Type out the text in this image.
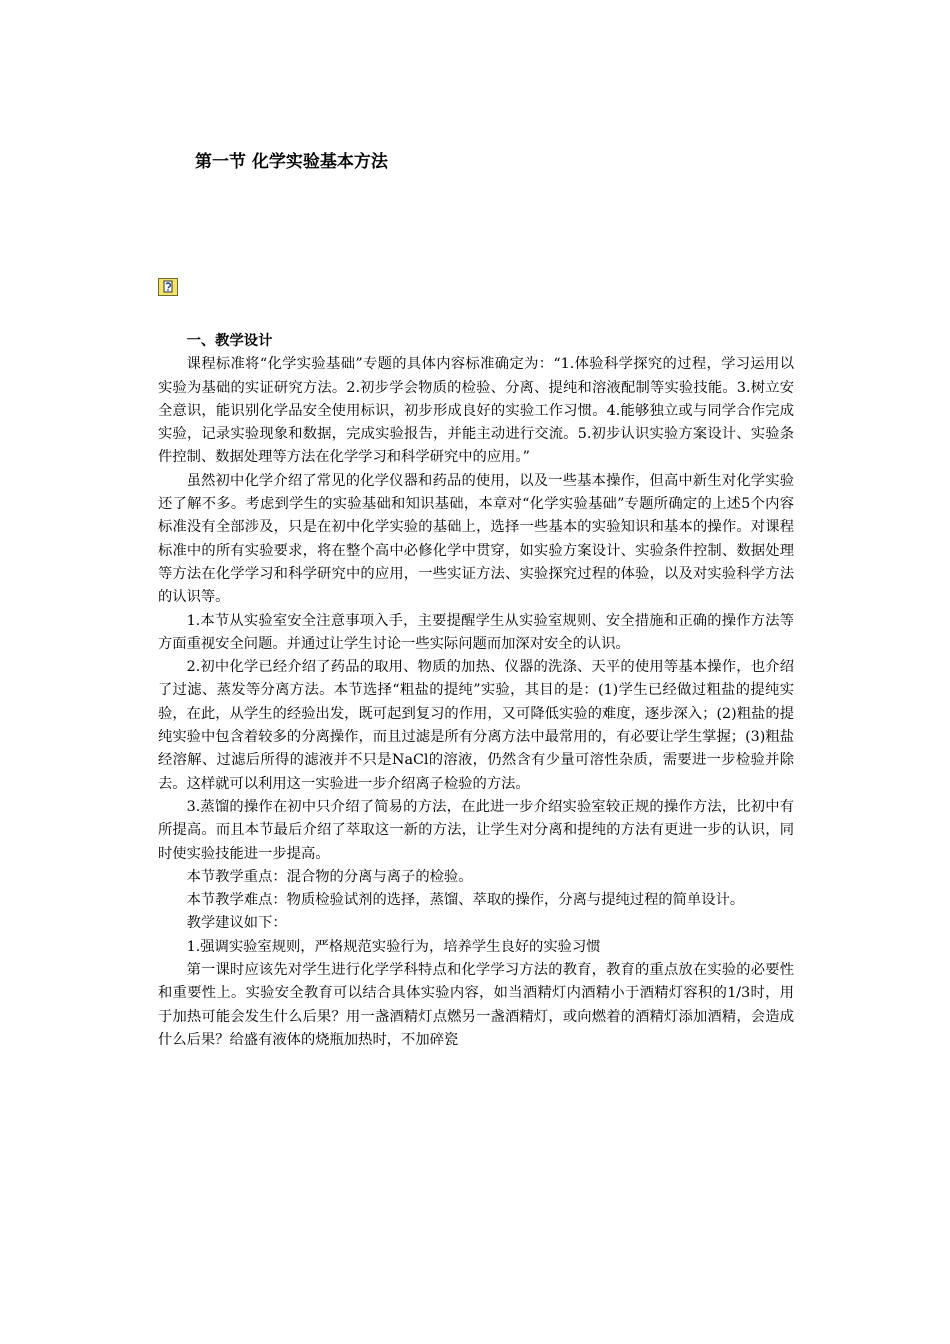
第一节 化学实验基本方法

一、教学设计

课程标准将“化学实验基础”专题的具体内容标准确定为：“1.体验科学探究的过程，学习运用以实验为基础的实证研究方法。2.初步学会物质的检验、分离、提纯和溶液配制等实验技能。3.树立安全意识，能识别化学品安全使用标识，初步形成良好的实验工作习惯。4.能够独立或与同学合作完成实验，记录实验现象和数据，完成实验报告，并能主动进行交流。5.初步认识实验方案设计、实验条件控制、数据处理等方法在化学学习和科学研究中的应用。”

虽然初中化学介绍了常见的化学仪器和药品的使用，以及一些基本操作，但高中新生对化学实验还了解不多。考虑到学生的实验基础和知识基础，本章对“化学实验基础”专题所确定的上述5个内容标准没有全部涉及，只是在初中化学实验的基础上，选择一些基本的实验知识和基本的操作。对课程标准中的所有实验要求，将在整个高中必修化学中贯穿，如实验方案设计、实验条件控制、数据处理等方法在化学学习和科学研究中的应用，一些实证方法、实验探究过程的体验，以及对实验科学方法的认识等。

1.本节从实验室安全注意事项入手，主要提醒学生从实验室规则、安全措施和正确的操作方法等方面重视安全问题。并通过让学生讨论一些实际问题而加深对安全的认识。

2.初中化学已经介绍了药品的取用、物质的加热、仪器的洗涤、天平的使用等基本操作，也介绍了过滤、蒸发等分离方法。本节选择“粗盐的提纯”实验，其目的是：(1)学生已经做过粗盐的提纯实验，在此，从学生的经验出发，既可起到复习的作用，又可降低实验的难度，逐步深入；(2)粗盐的提纯实验中包含着较多的分离操作，而且过滤是所有分离方法中最常用的，有必要让学生掌握；(3)粗盐经溶解、过滤后所得的滤液并不只是NaCl的溶液，仍然含有少量可溶性杂质，需要进一步检验并除去。这样就可以利用这一实验进一步介绍离子检验的方法。

3.蒸馏的操作在初中只介绍了简易的方法，在此进一步介绍实验室较正规的操作方法，比初中有所提高。而且本节最后介绍了萃取这一新的方法，让学生对分离和提纯的方法有更进一步的认识，同时使实验技能进一步提高。

本节教学重点：混合物的分离与离子的检验。

本节教学难点：物质检验试剂的选择，蒸馏、萃取的操作，分离与提纯过程的简单设计。

教学建议如下：

1.强调实验室规则，严格规范实验行为，培养学生良好的实验习惯

第一课时应该先对学生进行化学学科特点和化学学习方法的教育，教育的重点放在实验的必要性和重要性上。实验安全教育可以结合具体实验内容，如当酒精灯内酒精小于酒精灯容积的1/3时，用于加热可能会发生什么后果？用一盏酒精灯点燃另一盏酒精灯，或向燃着的酒精灯添加酒精，会造成什么后果？给盛有液体的烧瓶加热时，不加碎瓷
